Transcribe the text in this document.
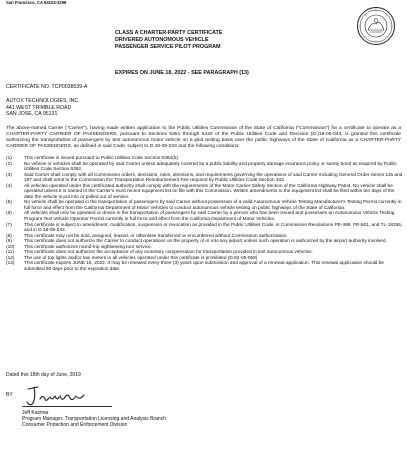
San Francisco, CA 94102-3298
CLASS A CHARTER-PARTY CERTIFICATE
DRIVERED AUTONOMOUS VEHICLE
PASSENGER SERVICE PILOT PROGRAM
EXPIRES ON JUNE 18, 2022 - SEE PARAGRAPH (13)
CERTIFICATE NO. TCP0038539-A
AUTOX TECHNOLOGIES, INC.
441 WEST TRIMBLE ROAD
SAN JOSE, CA 95131
The above-named Carrier ("Carrier"), having made written application to the Public Utilities Commission of the State of California ("Commission") for a certificate to operate as a CHARTER-PARTY CARRIER OF PASSENGERS, pursuant to Sections 5351 through 5420 of the Public Utilities Code and Decision (D.)18-05-043, is granted this certificate authorizing the transportation of passengers by test autonomous motor vehicle on a pilot testing basis over the public highways of the State of California as a CHARTER-PARTY CARRIER OF PASSENGERS, as defined in said Code, subject to D.18-05-043 and the following conditions:
(1)	This certificate is issued pursuant to Public Utilities Code Section 5384(b).
(2)	No vehicle or vehicles shall be operated by said Carrier unless adequately covered by a public liability and property damage insurance policy or surety bond as required by Public Utilities Code Section 5392.
(3)	Said Carrier shall comply with all Commission orders, decisions, rules, directions, and requirements governing the operations of said Carrier including General Order Series 115 and 157 and shall remit to the Commission the Transportation Reimbursement Fee required by Public Utilities Code Section 403.
(4)	All vehicles operated under this certificated authority shall comply with the requirements of the Motor Carrier Safety Section of the California Highway Patrol. No vehicle shall be operated unless it is named in the Carrier's most recent equipment list on file with this Commission. Written amendments to the equipment list shall be filed within ten days of the date the vehicle is put into or pulled out of service.
(5)	No vehicle shall be operated in the transportation of passengers by said Carrier without possession of a valid Autonomous Vehicle Testing Manufacturer's Testing Permit currently in full force and effect from the California Department of Motor Vehicles to conduct autonomous vehicle testing on public highways of the State of California.
(6)	All vehicles shall only be operated or driven in the transportation of passengers by said Carrier by a person who has been issued and possesses an Autonomous Vehicle Testing Program Test Vehicle Operator Permit currently in full force and effect from the California Department of Motor Vehicles.
(7)	This certificate is subject to amendment, modification, suspension or revocation as provided in the Public Utilities Code, in Commission Resolutions PE-498, PE-501, and TL-18336, and in D.18-05-043.
(8)	This certificate may not be sold, assigned, leased, or otherwise transferred or encumbered without Commission authorization.
(9)	This certificate does not authorize the Carrier to conduct operations on the property of or into any airport unless such operation is authorized by the airport authority involved.
(10)	This certificate authorizes round-trip sightseeing tour service.
(11)	This certificate does not authorize the acceptance of any monetary compensation for transportation provided in test autonomous vehicles.
(12)	The use of top lights and/or taxi meters in all vehicles operated under this certificate is prohibited (D.82-05-069)
(13)	This certificate expires JUNE 18, 2022. It may be renewed every three (3) years upon submission and approval of a renewal application. This renewal application should be submitted 90 days prior to the expiration date.
Dated this 18th day of June, 2019
BY
Jeff Kasmar
Program Manager, Transportation Licensing and Analysis Branch
Consumer Protection and Enforcement Division
